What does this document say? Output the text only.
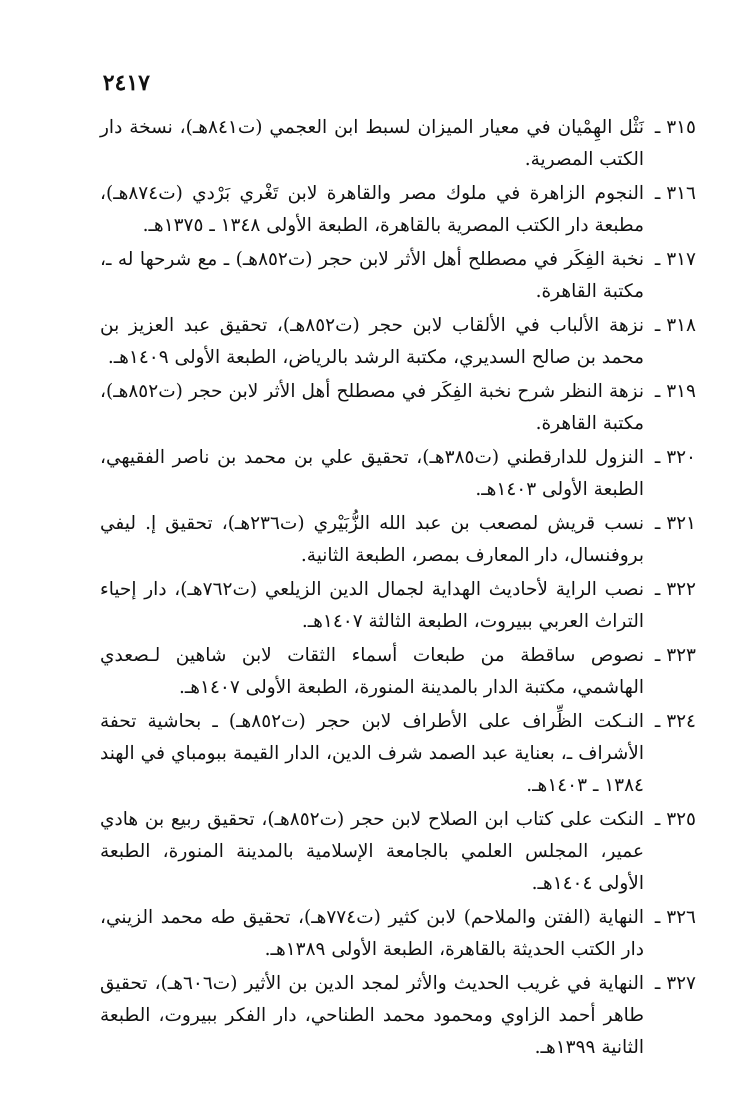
٢٤١٧
٣١٥ ـ
نَثْل الهِمْيان في معيار الميزان لسبط ابن العجمي (ت٨٤١هـ)، نسخة دار الكتب المصرية.
٣١٦ ـ
النجوم الزاهرة في ملوك مصر والقاهرة لابن تَغْري بَرْدي (ت٨٧٤هـ)، مطبعة دار الكتب المصرية بالقاهرة، الطبعة الأولى ١٣٤٨ ـ ١٣٧٥هـ.
٣١٧ ـ
نخبة الفِكَر في مصطلح أهل الأثر لابن حجر (ت٨٥٢هـ) ـ مع شرحها له ـ، مكتبة القاهرة.
٣١٨ ـ
نزهة الألباب في الألقاب لابن حجر (ت٨٥٢هـ)، تحقيق عبد العزيز بن محمد بن صالح السديري، مكتبة الرشد بالرياض، الطبعة الأولى ١٤٠٩هـ.
٣١٩ ـ
نزهة النظر شرح نخبة الفِكَر في مصطلح أهل الأثر لابن حجر (ت٨٥٢هـ)، مكتبة القاهرة.
٣٢٠ ـ
النزول للدارقطني (ت٣٨٥هـ)، تحقيق علي بن محمد بن ناصر الفقيهي، الطبعة الأولى ١٤٠٣هـ.
٣٢١ ـ
نسب قريش لمصعب بن عبد الله الزُّبَيْري (ت٢٣٦هـ)، تحقيق إ. ليفي بروفنسال، دار المعارف بمصر، الطبعة الثانية.
٣٢٢ ـ
نصب الراية لأحاديث الهداية لجمال الدين الزيلعي (ت٧٦٢هـ)، دار إحياء التراث العربي ببيروت، الطبعة الثالثة ١٤٠٧هـ.
٣٢٣ ـ
نصوص ساقطة من طبعات أسماء الثقات لابن شاهين لـصعدي الهاشمي، مكتبة الدار بالمدينة المنورة، الطبعة الأولى ١٤٠٧هـ.
٣٢٤ ـ
النـكت الظِّراف على الأطراف لابن حجر (ت٨٥٢هـ) ـ بحاشية تحفة الأشراف ـ، بعناية عبد الصمد شرف الدين، الدار القيمة ببومباي في الهند ١٣٨٤ ـ ١٤٠٣هـ.
٣٢٥ ـ
النكت على كتاب ابن الصلاح لابن حجر (ت٨٥٢هـ)، تحقيق ربيع بن هادي عمير، المجلس العلمي بالجامعة الإسلامية بالمدينة المنورة، الطبعة الأولى ١٤٠٤هـ.
٣٢٦ ـ
النهاية (الفتن والملاحم) لابن كثير (ت٧٧٤هـ)، تحقيق طه محمد الزيني، دار الكتب الحديثة بالقاهرة، الطبعة الأولى ١٣٨٩هـ.
٣٢٧ ـ
النهاية في غريب الحديث والأثر لمجد الدين بن الأثير (ت٦٠٦هـ)، تحقيق طاهر أحمد الزاوي ومحمود محمد الطناحي، دار الفكر ببيروت، الطبعة الثانية ١٣٩٩هـ.
